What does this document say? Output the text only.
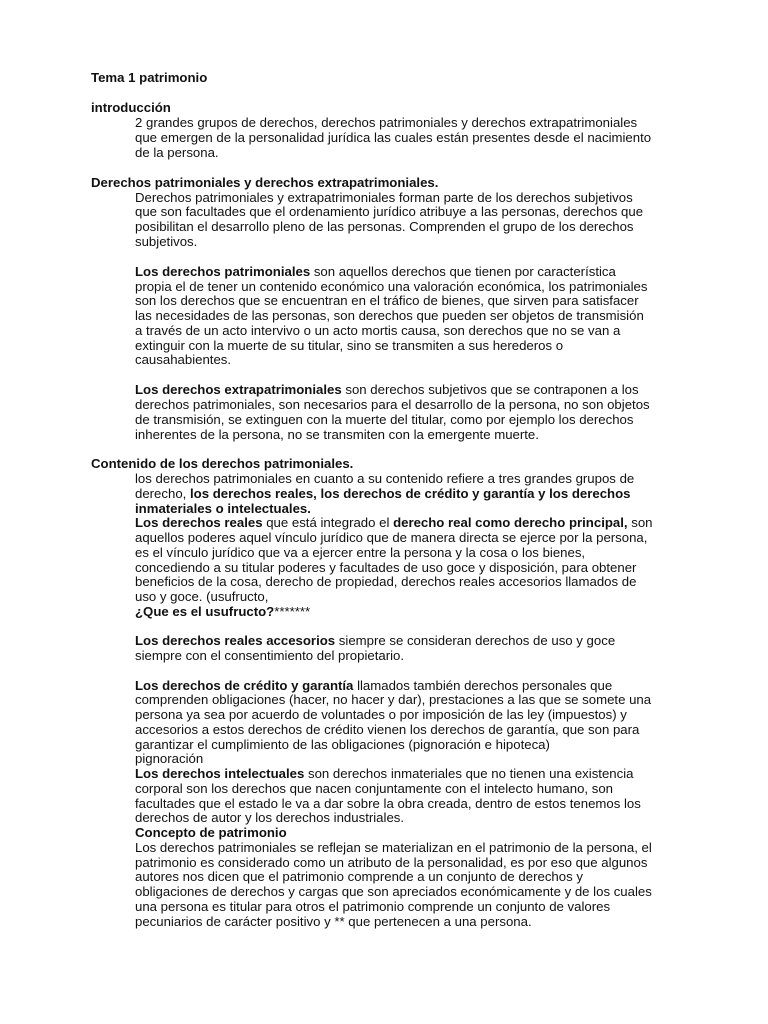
Tema 1 patrimonio
introducción
2 grandes grupos de derechos, derechos patrimoniales y derechos extrapatrimoniales
que emergen de la personalidad jurídica las cuales están presentes desde el nacimiento
de la persona.
Derechos patrimoniales y derechos extrapatrimoniales.
Derechos patrimoniales y extrapatrimoniales forman parte de los derechos subjetivos
que son facultades que el ordenamiento jurídico atribuye a las personas, derechos que
posibilitan el desarrollo pleno de las personas. Comprenden el grupo de los derechos
subjetivos.
Los derechos patrimoniales son aquellos derechos que tienen por característica
propia el de tener un contenido económico una valoración económica, los patrimoniales
son los derechos que se encuentran en el tráfico de bienes, que sirven para satisfacer
las necesidades de las personas, son derechos que pueden ser objetos de transmisión
a través de un acto intervivo o un acto mortis causa, son derechos que no se van a
extinguir con la muerte de su titular, sino se transmiten a sus herederos o
causahabientes.
Los derechos extrapatrimoniales son derechos subjetivos que se contraponen a los
derechos patrimoniales, son necesarios para el desarrollo de la persona, no son objetos
de transmisión, se extinguen con la muerte del titular, como por ejemplo los derechos
inherentes de la persona, no se transmiten con la emergente muerte.
Contenido de los derechos patrimoniales.
los derechos patrimoniales en cuanto a su contenido refiere a tres grandes grupos de
derecho, los derechos reales, los derechos de crédito y garantía y los derechos
inmateriales o intelectuales.
Los derechos reales que está integrado el derecho real como derecho principal, son
aquellos poderes aquel vínculo jurídico que de manera directa se ejerce por la persona,
es el vínculo jurídico que va a ejercer entre la persona y la cosa o los bienes,
concediendo a su titular poderes y facultades de uso goce y disposición, para obtener
beneficios de la cosa, derecho de propiedad, derechos reales accesorios llamados de
uso y goce. (usufructo,
¿Que es el usufructo?*******
Los derechos reales accesorios siempre se consideran derechos de uso y goce
siempre con el consentimiento del propietario.
Los derechos de crédito y garantía llamados también derechos personales que
comprenden obligaciones (hacer, no hacer y dar), prestaciones a las que se somete una
persona ya sea por acuerdo de voluntades o por imposición de las ley (impuestos) y
accesorios a estos derechos de crédito vienen los derechos de garantía, que son para
garantizar el cumplimiento de las obligaciones (pignoración e hipoteca)
pignoración
Los derechos intelectuales son derechos inmateriales que no tienen una existencia
corporal son los derechos que nacen conjuntamente con el intelecto humano, son
facultades que el estado le va a dar sobre la obra creada, dentro de estos tenemos los
derechos de autor y los derechos industriales.
Concepto de patrimonio
Los derechos patrimoniales se reflejan se materializan en el patrimonio de la persona, el
patrimonio es considerado como un atributo de la personalidad, es por eso que algunos
autores nos dicen que el patrimonio comprende a un conjunto de derechos y
obligaciones de derechos y cargas que son apreciados económicamente y de los cuales
una persona es titular para otros el patrimonio comprende un conjunto de valores
pecuniarios de carácter positivo y ** que pertenecen a una persona.
